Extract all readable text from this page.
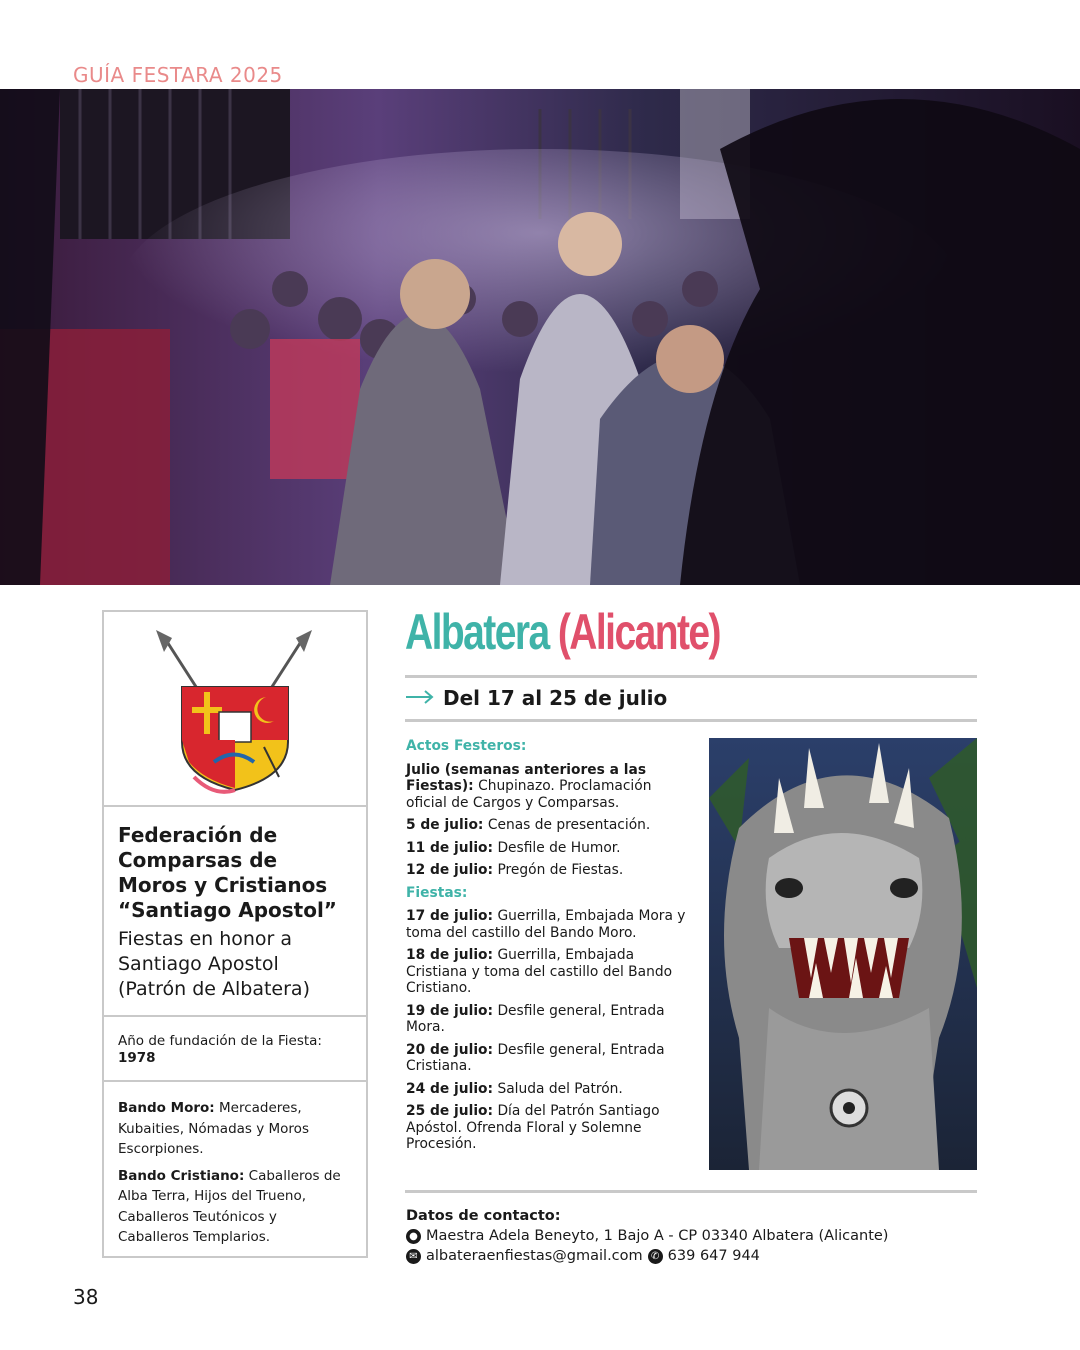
GUÍA FESTARA 2025
Federación de Comparsas de Moros y Cristianos “Santiago Apostol”
Fiestas en honor a Santiago Apostol (Patrón de Albatera)
Año de fundación de la Fiesta: 1978

Bando Moro: Mercaderes, Kubaities, Nómadas y Moros Escorpiones.

Bando Cristiano: Caballeros de Alba Terra, Hijos del Trueno, Caballeros Teutónicos y Caballeros Templarios.

Albatera (Alicante)
Del 17 al 25 de julio
Actos Festeros:
Julio (semanas anteriores a las Fiestas): Chupinazo. Proclamación oficial de Cargos y Comparsas.
5 de julio: Cenas de presentación.
11 de julio: Desfile de Humor.
12 de julio: Pregón de Fiestas.
Fiestas:
17 de julio: Guerrilla, Embajada Mora y toma del castillo del Bando Moro.
18 de julio: Guerrilla, Embajada Cristiana y toma del castillo del Bando Cristiano.
19 de julio: Desfile general, Entrada Mora.
20 de julio: Desfile general, Entrada Cristiana.
24 de julio: Saluda del Patrón.
25 de julio: Día del Patrón Santiago Apóstol. Ofrenda Floral y Solemne Procesión.
Datos de contacto:
● Maestra Adela Beneyto, 1 Bajo A - CP 03340 Albatera (Alicante)
✉ albateraenfiestas@gmail.com ✆ 639 647 944
38
